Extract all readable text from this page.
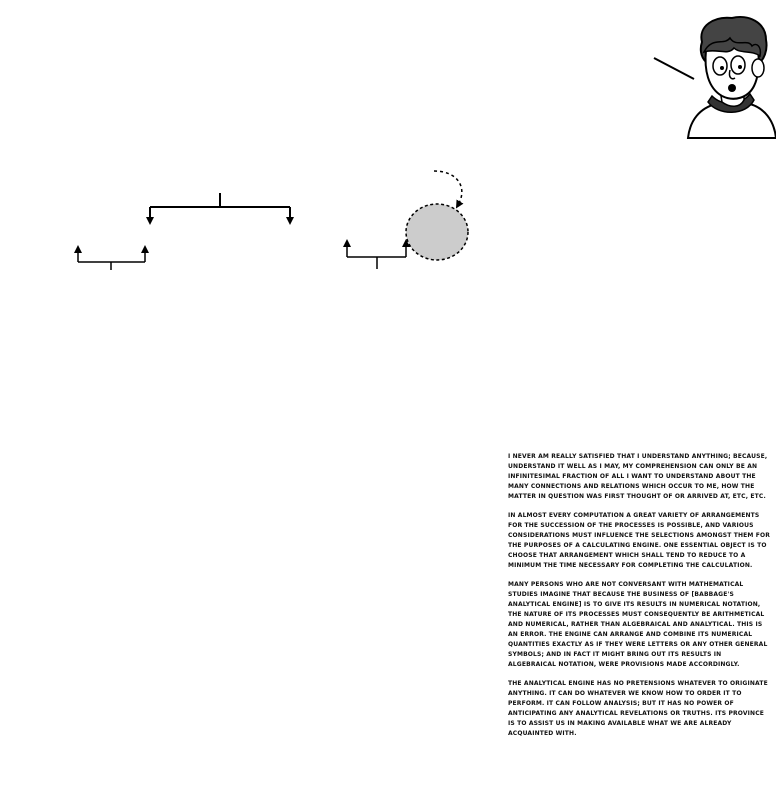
I NEVER AM REALLY SATISFIED THAT I UNDERSTAND ANYTHING; BECAUSE, UNDERSTAND IT WELL AS I MAY, MY COMPREHENSION CAN ONLY BE AN INFINITESIMAL FRACTION OF ALL I WANT TO UNDERSTAND ABOUT THE MANY CONNECTIONS AND RELATIONS WHICH OCCUR TO ME, HOW THE MATTER IN QUESTION WAS FIRST THOUGHT OF OR ARRIVED AT, ETC, ETC.

IN ALMOST EVERY COMPUTATION A GREAT VARIETY OF ARRANGEMENTS FOR THE SUCCESSION OF THE PROCESSES IS POSSIBLE, AND VARIOUS CONSIDERATIONS MUST INFLUENCE THE SELECTIONS AMONGST THEM FOR THE PURPOSES OF A CALCULATING ENGINE. ONE ESSENTIAL OBJECT IS TO CHOOSE THAT ARRANGEMENT WHICH SHALL TEND TO REDUCE TO A MINIMUM THE TIME NECESSARY FOR COMPLETING THE CALCULATION.

MANY PERSONS WHO ARE NOT CONVERSANT WITH MATHEMATICAL STUDIES IMAGINE THAT BECAUSE THE BUSINESS OF [BABBAGE'S ANALYTICAL ENGINE] IS TO GIVE ITS RESULTS IN NUMERICAL NOTATION, THE NATURE OF ITS PROCESSES MUST CONSEQUENTLY BE ARITHMETICAL AND NUMERICAL, RATHER THAN ALGEBRAICAL AND ANALYTICAL. THIS IS AN ERROR. THE ENGINE CAN ARRANGE AND COMBINE ITS NUMERICAL QUANTITIES EXACTLY AS IF THEY WERE LETTERS OR ANY OTHER GENERAL SYMBOLS; AND IN FACT IT MIGHT BRING OUT ITS RESULTS IN ALGEBRAICAL NOTATION, WERE PROVISIONS MADE ACCORDINGLY.

THE ANALYTICAL ENGINE HAS NO PRETENSIONS WHATEVER TO ORIGINATE ANYTHING. IT CAN DO WHATEVER WE KNOW HOW TO ORDER IT TO PERFORM. IT CAN FOLLOW ANALYSIS; BUT IT HAS NO POWER OF ANTICIPATING ANY ANALYTICAL REVELATIONS OR TRUTHS. ITS PROVINCE IS TO ASSIST US IN MAKING AVAILABLE WHAT WE ARE ALREADY ACQUAINTED WITH.
